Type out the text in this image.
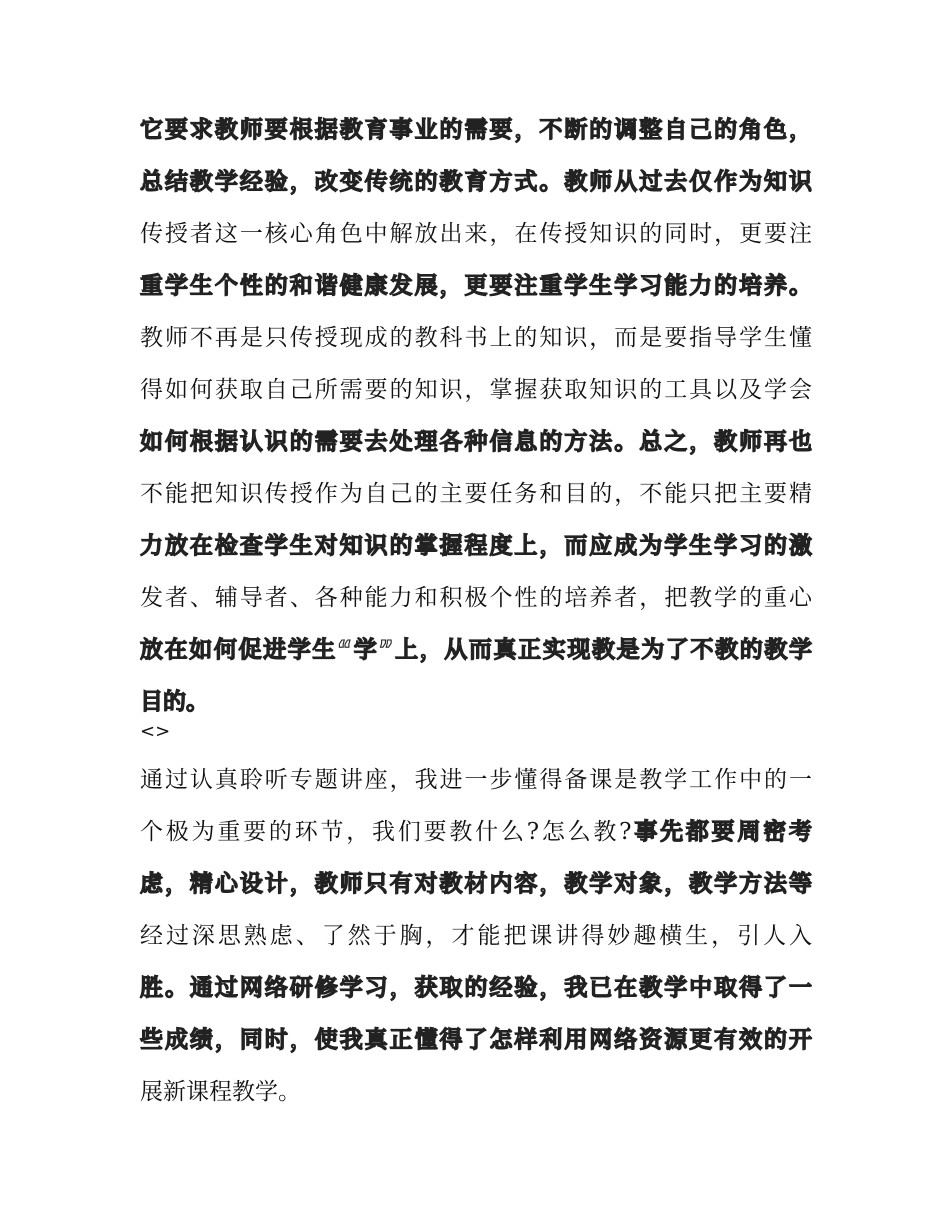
它要求教师要根据教育事业的需要，不断的调整自己的角色，
总结教学经验，改变传统的教育方式。教师从过去仅作为知识
传授者这一核心角色中解放出来，在传授知识的同时，更要注
重学生个性的和谐健康发展，更要注重学生学习能力的培养。
教师不再是只传授现成的教科书上的知识，而是要指导学生懂
得如何获取自己所需要的知识，掌握获取知识的工具以及学会
如何根据认识的需要去处理各种信息的方法。总之，教师再也
不能把知识传授作为自己的主要任务和目的，不能只把主要精
力放在检查学生对知识的掌握程度上，而应成为学生学习的激
发者、辅导者、各种能力和积极个性的培养者，把教学的重心
放在如何促进学生“学”上，从而真正实现教是为了不教的教学
目的。
<>
通过认真聆听专题讲座，我进一步懂得备课是教学工作中的一
个极为重要的环节，我们要教什么?怎么教?事先都要周密考
虑，精心设计，教师只有对教材内容，教学对象，教学方法等
经过深思熟虑、了然于胸，才能把课讲得妙趣横生，引人入
胜。通过网络研修学习，获取的经验，我已在教学中取得了一
些成绩，同时，使我真正懂得了怎样利用网络资源更有效的开
展新课程教学。
